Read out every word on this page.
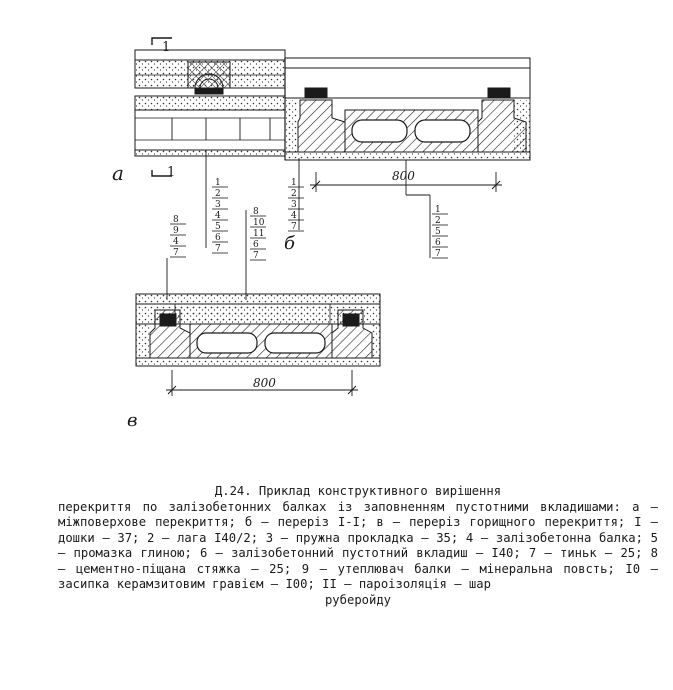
a
1
1	800
б
1
2
3
4
5
6
7
1
2
3
4
7
1
2
5
6
7
в
800
8
9
4
7
8
10
11
6
7
Д.24. Приклад конструктивного вирішення
перекриття по залізобетонних балках із заповненням пустотними вкладишами: а – міжповерхове перекриття; б – переріз І-І; в – переріз горищного перекриття; І – дошки – 37; 2 – лага І40/2; 3 – пружна прокладка – 35; 4 – залізобетонна балка; 5 – промазка глиною; 6 – залізобетонний пустотний вкладиш – І40; 7 – тиньк – 25; 8 – цементно-піщана стяжка – 25; 9 – утеплювач балки – мінеральна повсть; І0 – засипка керамзитовим гравієм – І00; ІІ – пароізоляція – шар
руберойду
